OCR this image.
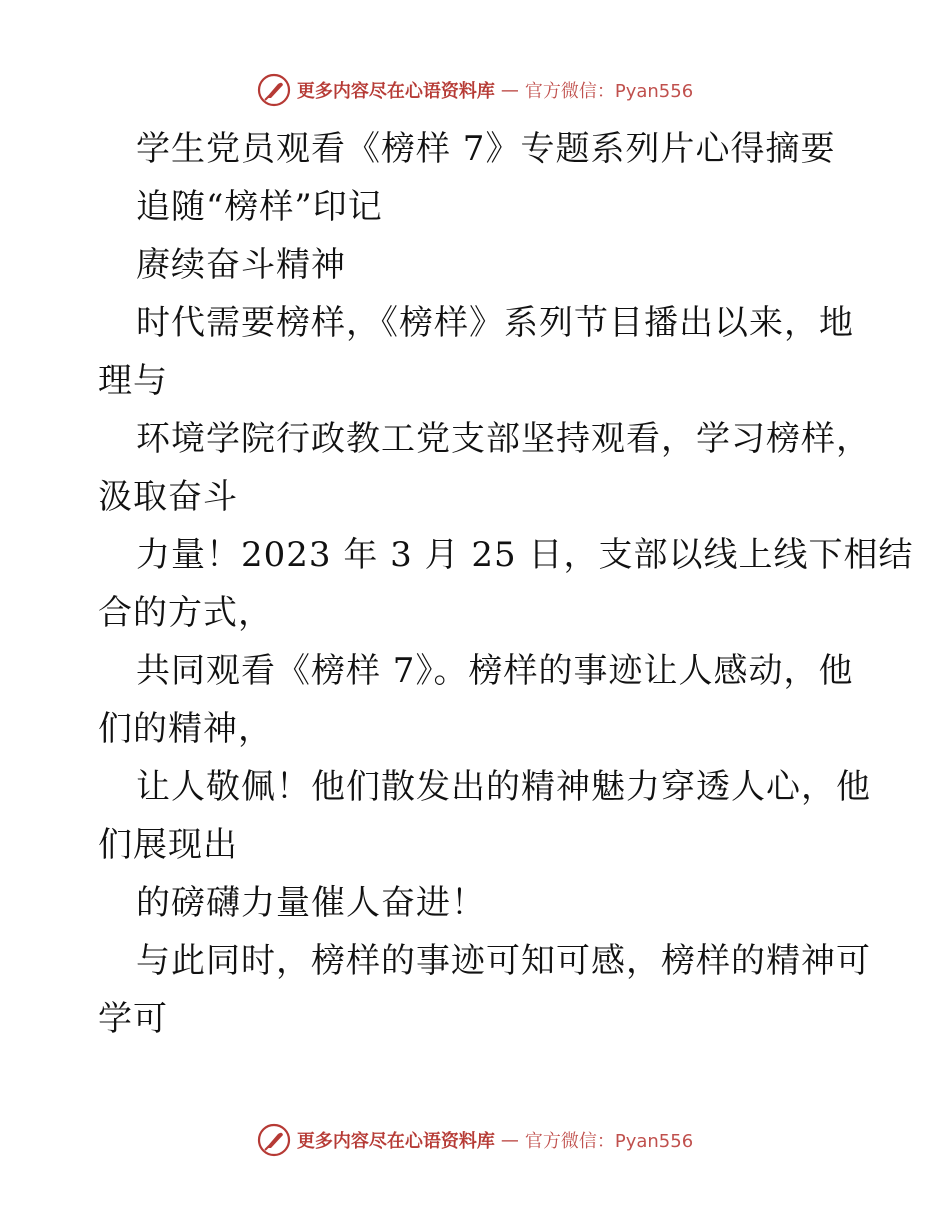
更多内容尽在心语资料库 — 官方微信：Pyan556
学生党员观看《榜样 7》专题系列片心得摘要
追随“榜样”印记
赓续奋斗精神
时代需要榜样，《榜样》系列节目播出以来，地
理与
环境学院行政教工党支部坚持观看，学习榜样，
汲取奋斗
力量！2023 年 3 月 25 日，支部以线上线下相结
合的方式，
共同观看《榜样 7》。榜样的事迹让人感动，他
们的精神，
让人敬佩！他们散发出的精神魅力穿透人心，他
们展现出
的磅礴力量催人奋进！
与此同时，榜样的事迹可知可感，榜样的精神可
学可
更多内容尽在心语资料库 — 官方微信：Pyan556
